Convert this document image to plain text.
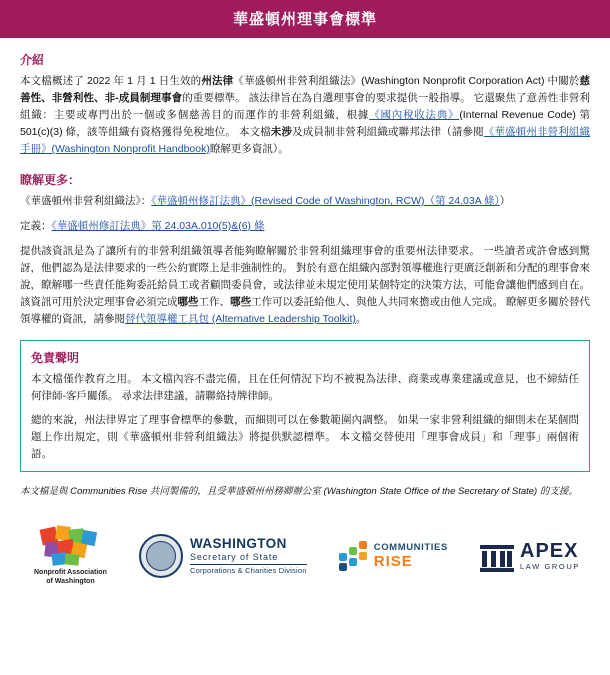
華盛頓州理事會標準
介紹

本文檔概述了 2022 年 1 月 1 日生效的州法律《華盛頓州非營利組織法》(Washington Nonprofit Corporation Act) 中關於慈善性、非營利性、非-成員制理事會的重要標準。 該法律旨在為自選理事會的要求提供一般指導。 它還聚焦了意善性非營利組織：主要或專門出於一個或多個慈善目的而運作的非營利組織，根據《國內稅收法典》(Internal Revenue Code) 第 501(c)(3) 條，該等組織有資格獲得免稅地位。 本文檔未涉及成員制非營利組織或聯邦法律（請參閱《華盛頓州非營利組織手冊》(Washington Nonprofit Handbook)瞭解更多資訊）。

瞭解更多：

《華盛頓州非營利組織法》：《華盛頓州修訂法典》(Revised Code of Washington, RCW)（第 24.03A 條））

定義：《華盛頓州修訂法典》第 24.03A.010(5)&(6) 條

提供該資訊是為了讓所有的非營利組織領導者能夠瞭解關於非營利組織理事會的重要州法律要求。 一些讀者或許會感到驚訝，他們認為是法律要求的一些公約實際上是非強制性的。 對於有意在組織內部對領導權進行更廣泛創新和分配的理事會來說，瞭解哪一些責任能夠委託給員工或者顧問委員會，或法律並未規定使用某個特定的決策方法，可能會讓他們感到自在。 該資訊可用於決定理事會必須完成哪些工作、哪些工作可以委託給他人、與他人共同來擔或由他人完成。 瞭解更多關於替代領導權的資訊，請參閱替代領導權工具包 (Alternative Leadership Toolkit)。

免責聲明

本文檔僅作教育之用。 本文檔內容不盡完備，且在任何情況下均不被視為法律、商業或專業建議或意見，也不締結任何律師-客戶關係。 尋求法律建議，請聯絡持牌律師。

總的來說，州法律界定了理事會標準的參數，而細則可以在參數範圍內調整。 如果一家非營利組織的細則未在某個問題上作出規定，則《華盛頓州非營利組織法》將提供默認標準。 本文檔交替使用「理事會成員」和「理事」兩個術語。

本文檔是與 Communities Rise 共同製備的，且受華盛頓州州務卿辦公室 (Washington State Office of the Secretary of State) 的支援。

Nonprofit Association
of Washington
WASHINGTON
Secretary of State
Corporations & Charities Division
COMMUNITIES
RISE	APEX
LAW GROUP
